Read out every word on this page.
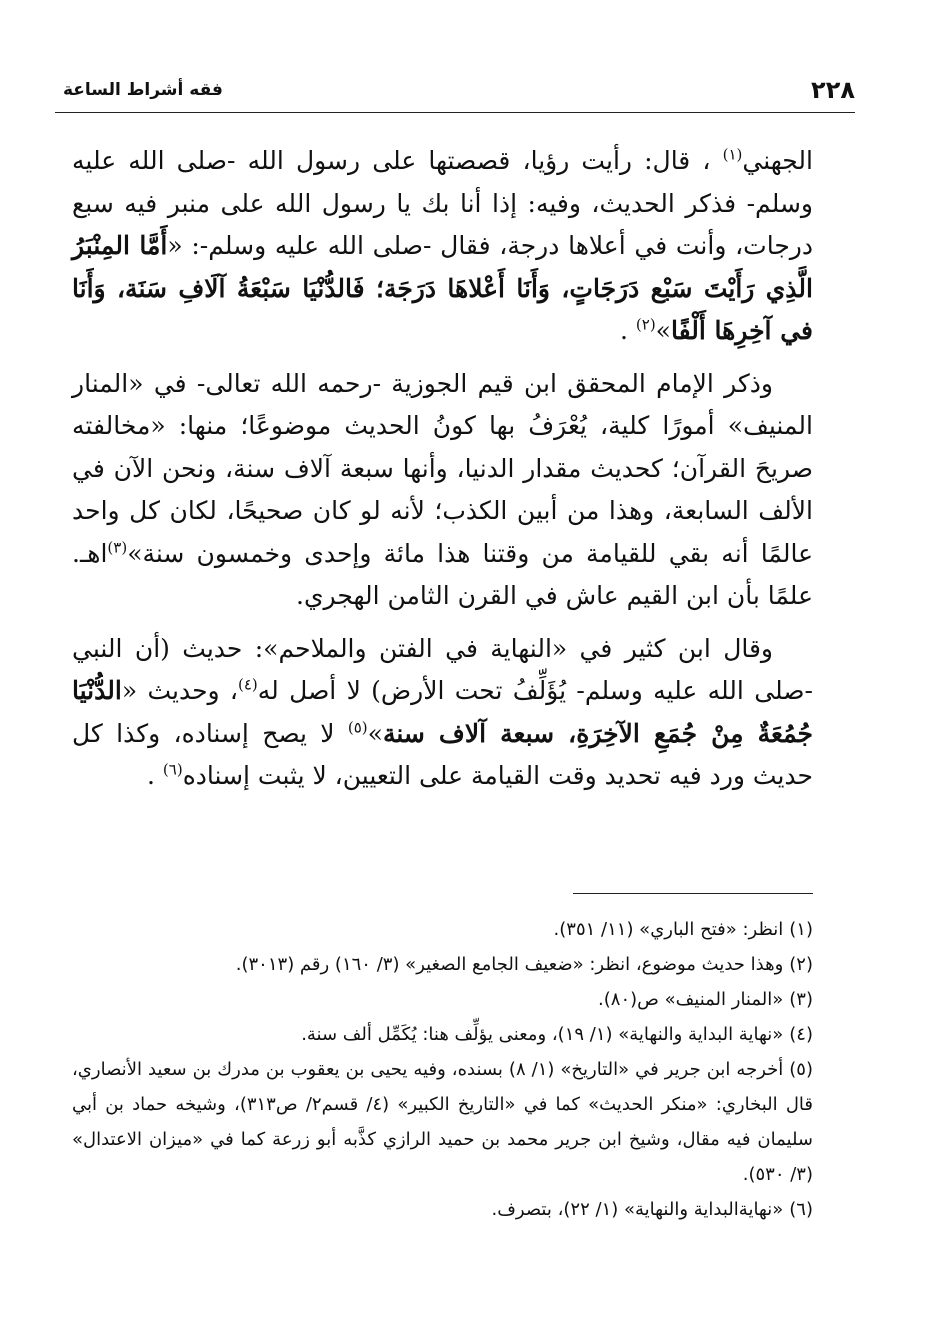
٢٢٨
فقه أشراط الساعة

الجهني$^{(١)}$ ، قال: رأيت رؤيا، قصصتها على رسول الله -صلى الله عليه وسلم- فذكر الحديث، وفيه: إذا أنا بك يا رسول الله على منبر فيه سبع درجات، وأنت في أعلاها درجة، فقال -صلى الله عليه وسلم-: «أَمَّا المِنْبَرُ الَّذِي رَأَيْتَ سَبْع دَرَجَاتٍ، وَأَنَا أَعْلاهَا دَرَجَة؛ فَالدُّنْيَا سَبْعَةُ آلَافِ سَنَة، وَأَنَا في آخِرِهَا أَلْفًا»$^{(٢)}$ .

وذكر الإمام المحقق ابن قيم الجوزية -رحمه الله تعالى- في «المنار المنيف» أمورًا كلية، يُعْرَفُ بها كونُ الحديث موضوعًا؛ منها: «مخالفته صريحَ القرآن؛ كحديث مقدار الدنيا، وأنها سبعة آلاف سنة، ونحن الآن في الألف السابعة، وهذا من أبين الكذب؛ لأنه لو كان صحيحًا، لكان كل واحد عالمًا أنه بقي للقيامة من وقتنا هذا مائة وإحدى وخمسون سنة»$^{(٣)}$اهـ. علمًا بأن ابن القيم عاش في القرن الثامن الهجري.

وقال ابن كثير في «النهاية في الفتن والملاحم»: حديث (أن النبي -صلى الله عليه وسلم- يُؤَلِّفُ تحت الأرض) لا أصل له$^{(٤)}$، وحديث «الدُّنْيَا جُمُعَةٌ مِنْ جُمَعِ الآخِرَةِ، سبعة آلاف سنة»$^{(٥)}$ لا يصح إسناده، وكذا كل حديث ورد فيه تحديد وقت القيامة على التعيين، لا يثبت إسناده$^{(٦)}$ .

(١)انظر: «فتح الباري» (١١/ ٣٥١).

(٢)وهذا حديث موضوع، انظر: «ضعيف الجامع الصغير» (٣/ ١٦٠) رقم (٣٠١٣).

(٣)«المنار المنيف» ص(٨٠).

(٤)«نهاية البداية والنهاية» (١/ ١٩)، ومعنى يؤلِّف هنا: يُكَمِّل ألف سنة.

(٥)أخرجه ابن جرير في «التاريخ» (١/ ٨) بسنده، وفيه يحيى بن يعقوب بن مدرك بن سعيد الأنصاري، قال البخاري: «منكر الحديث» كما في «التاريخ الكبير» (٤/ قسم٢/ ص٣١٣)، وشيخه حماد بن أبي سليمان فيه مقال، وشيخ ابن جرير محمد بن حميد الرازي كذَّبه أبو زرعة كما في «ميزان الاعتدال» (٣/ ٥٣٠).

(٦)«نهايةالبداية والنهاية» (١/ ٢٢)، بتصرف.
